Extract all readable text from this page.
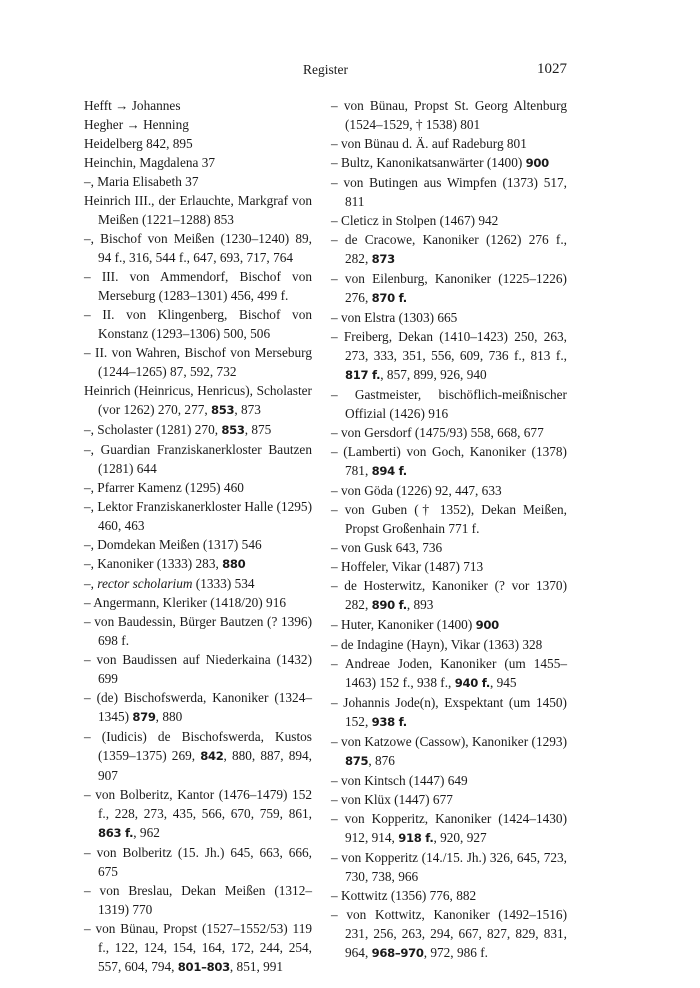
Register	1027

Hefft → Johannes

Hegher → Henning

Heidelberg 842, 895

Heinchin, Magdalena 37

–, Maria Elisabeth 37

Heinrich III., der Erlauchte, Markgraf von Meißen (1221–1288) 853

–, Bischof von Meißen (1230–1240) 89, 94 f., 316, 544 f., 647, 693, 717, 764

– III. von Ammendorf, Bischof von Merseburg (1283–1301) 456, 499 f.

– II. von Klingenberg, Bischof von Konstanz (1293–1306) 500, 506

– II. von Wahren, Bischof von Merseburg (1244–1265) 87, 592, 732

Heinrich (Heinricus, Henricus), Scholaster (vor 1262) 270, 277, 853, 873

–, Scholaster (1281) 270, 853, 875

–, Guardian Franziskanerkloster Bautzen (1281) 644

–, Pfarrer Kamenz (1295) 460

–, Lektor Franziskanerkloster Halle (1295) 460, 463

–, Domdekan Meißen (1317) 546

–, Kanoniker (1333) 283, 880

–, rector scholarium (1333) 534

– Angermann, Kleriker (1418/20) 916

– von Baudessin, Bürger Bautzen (? 1396) 698 f.

– von Baudissen auf Niederkaina (1432) 699

– (de) Bischofswerda, Kanoniker (1324–1345) 879, 880

– (Iudicis) de Bischofswerda, Kustos (1359–1375) 269, 842, 880, 887, 894, 907

– von Bolberitz, Kantor (1476–1479) 152 f., 228, 273, 435, 566, 670, 759, 861, 863 f., 962

– von Bolberitz (15. Jh.) 645, 663, 666, 675

– von Breslau, Dekan Meißen (1312–1319) 770

– von Bünau, Propst (1527–1552/53) 119 f., 122, 124, 154, 164, 172, 244, 254, 557, 604, 794, 801–803, 851, 991

– von Bünau, Propst St. Georg Altenburg (1524–1529, † 1538) 801

– von Bünau d. Ä. auf Radeburg 801

– Bultz, Kanonikatsanwärter (1400) 900

– von Butingen aus Wimpfen (1373) 517, 811

– Cleticz in Stolpen (1467) 942

– de Cracowe, Kanoniker (1262) 276 f., 282, 873

– von Eilenburg, Kanoniker (1225–1226) 276, 870 f.

– von Elstra (1303) 665

– Freiberg, Dekan (1410–1423) 250, 263, 273, 333, 351, 556, 609, 736 f., 813 f., 817 f., 857, 899, 926, 940

– Gastmeister, bischöflich-meißnischer Offizial (1426) 916

– von Gersdorf (1475/93) 558, 668, 677

– (Lamberti) von Goch, Kanoniker (1378) 781, 894 f.

– von Göda (1226) 92, 447, 633

– von Guben († 1352), Dekan Meißen, Propst Großenhain 771 f.

– von Gusk 643, 736

– Hoffeler, Vikar (1487) 713

– de Hosterwitz, Kanoniker (? vor 1370) 282, 890 f., 893

– Huter, Kanoniker (1400) 900

– de Indagine (Hayn), Vikar (1363) 328

– Andreae Joden, Kanoniker (um 1455–1463) 152 f., 938 f., 940 f., 945

– Johannis Jode(n), Exspektant (um 1450) 152, 938 f.

– von Katzowe (Cassow), Kanoniker (1293) 875, 876

– von Kintsch (1447) 649

– von Klüx (1447) 677

– von Kopperitz, Kanoniker (1424–1430) 912, 914, 918 f., 920, 927

– von Kopperitz (14./15. Jh.) 326, 645, 723, 730, 738, 966

– Kottwitz (1356) 776, 882

– von Kottwitz, Kanoniker (1492–1516) 231, 256, 263, 294, 667, 827, 829, 831, 964, 968–970, 972, 986 f.
